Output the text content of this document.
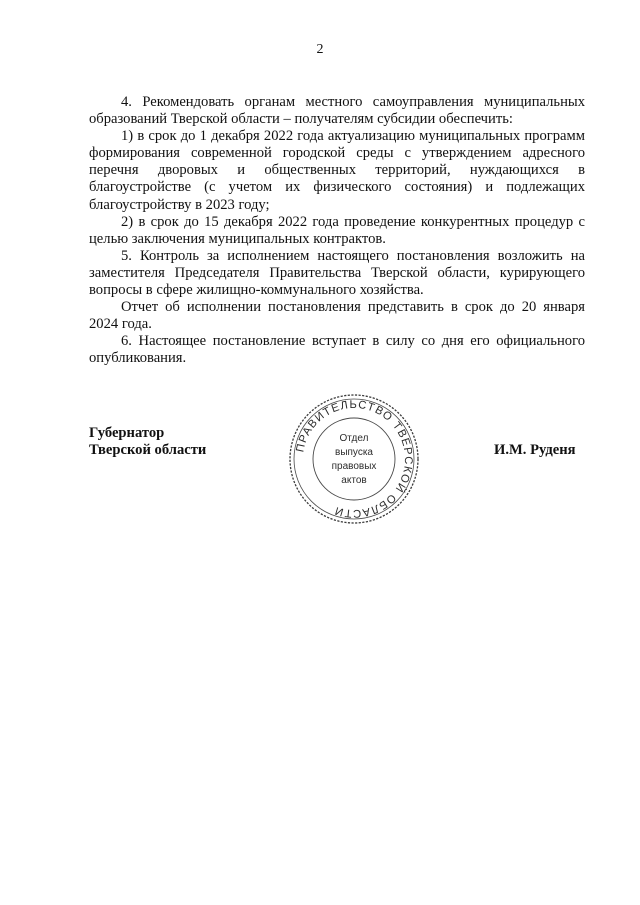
2

4. Рекомендовать органам местного самоуправления муниципальных образований Тверской области – получателям субсидии обеспечить:

1) в срок до 1 декабря 2022 года актуализацию муниципальных программ формирования современной городской среды с утверждением адресного перечня дворовых и общественных территорий, нуждающихся в благоустройстве (с учетом их физического состояния) и подлежащих благоустройству в 2023 году;

2) в срок до 15 декабря 2022 года проведение конкурентных процедур с целью заключения муниципальных контрактов.

5. Контроль за исполнением настоящего постановления возложить на заместителя Председателя Правительства Тверской области, курирующего вопросы в сфере жилищно-коммунального хозяйства.

Отчет об исполнении постановления представить в срок до 20 января 2024 года.

6. Настоящее постановление вступает в силу со дня его официального опубликования.

Губернатор
Тверской области	ПРАВИТЕЛЬСТВО ТВЕРСКОЙ ОБЛАСТИ
Отдел
выпуска
правовых
актов
И.М. Руденя
